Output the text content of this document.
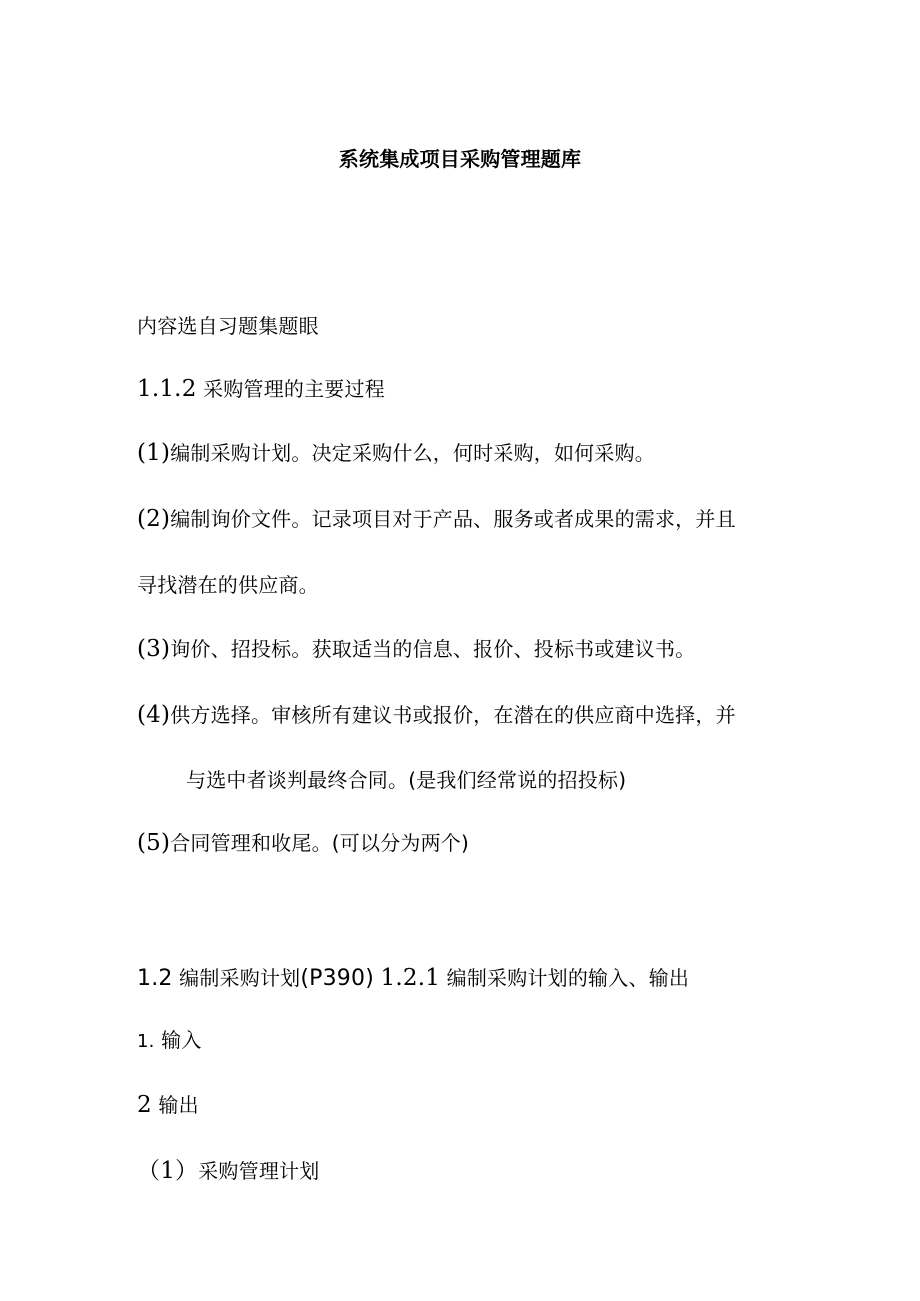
系统集成项目采购管理题库
内容选自习题集题眼
1.1.2 采购管理的主要过程
(1)编制采购计划。决定采购什么，何时采购，如何采购。
(2)编制询价文件。记录项目对于产品、服务或者成果的需求，并且
寻找潜在的供应商。
(3)询价、招投标。获取适当的信息、报价、投标书或建议书。
(4)供方选择。审核所有建议书或报价，在潜在的供应商中选择，并
与选中者谈判最终合同。(是我们经常说的招投标)
(5)合同管理和收尾。(可以分为两个)
1.2 编制采购计划(P390) 1.2.1 编制采购计划的输入、输出
1. 输入
2 输出
（1）采购管理计划
